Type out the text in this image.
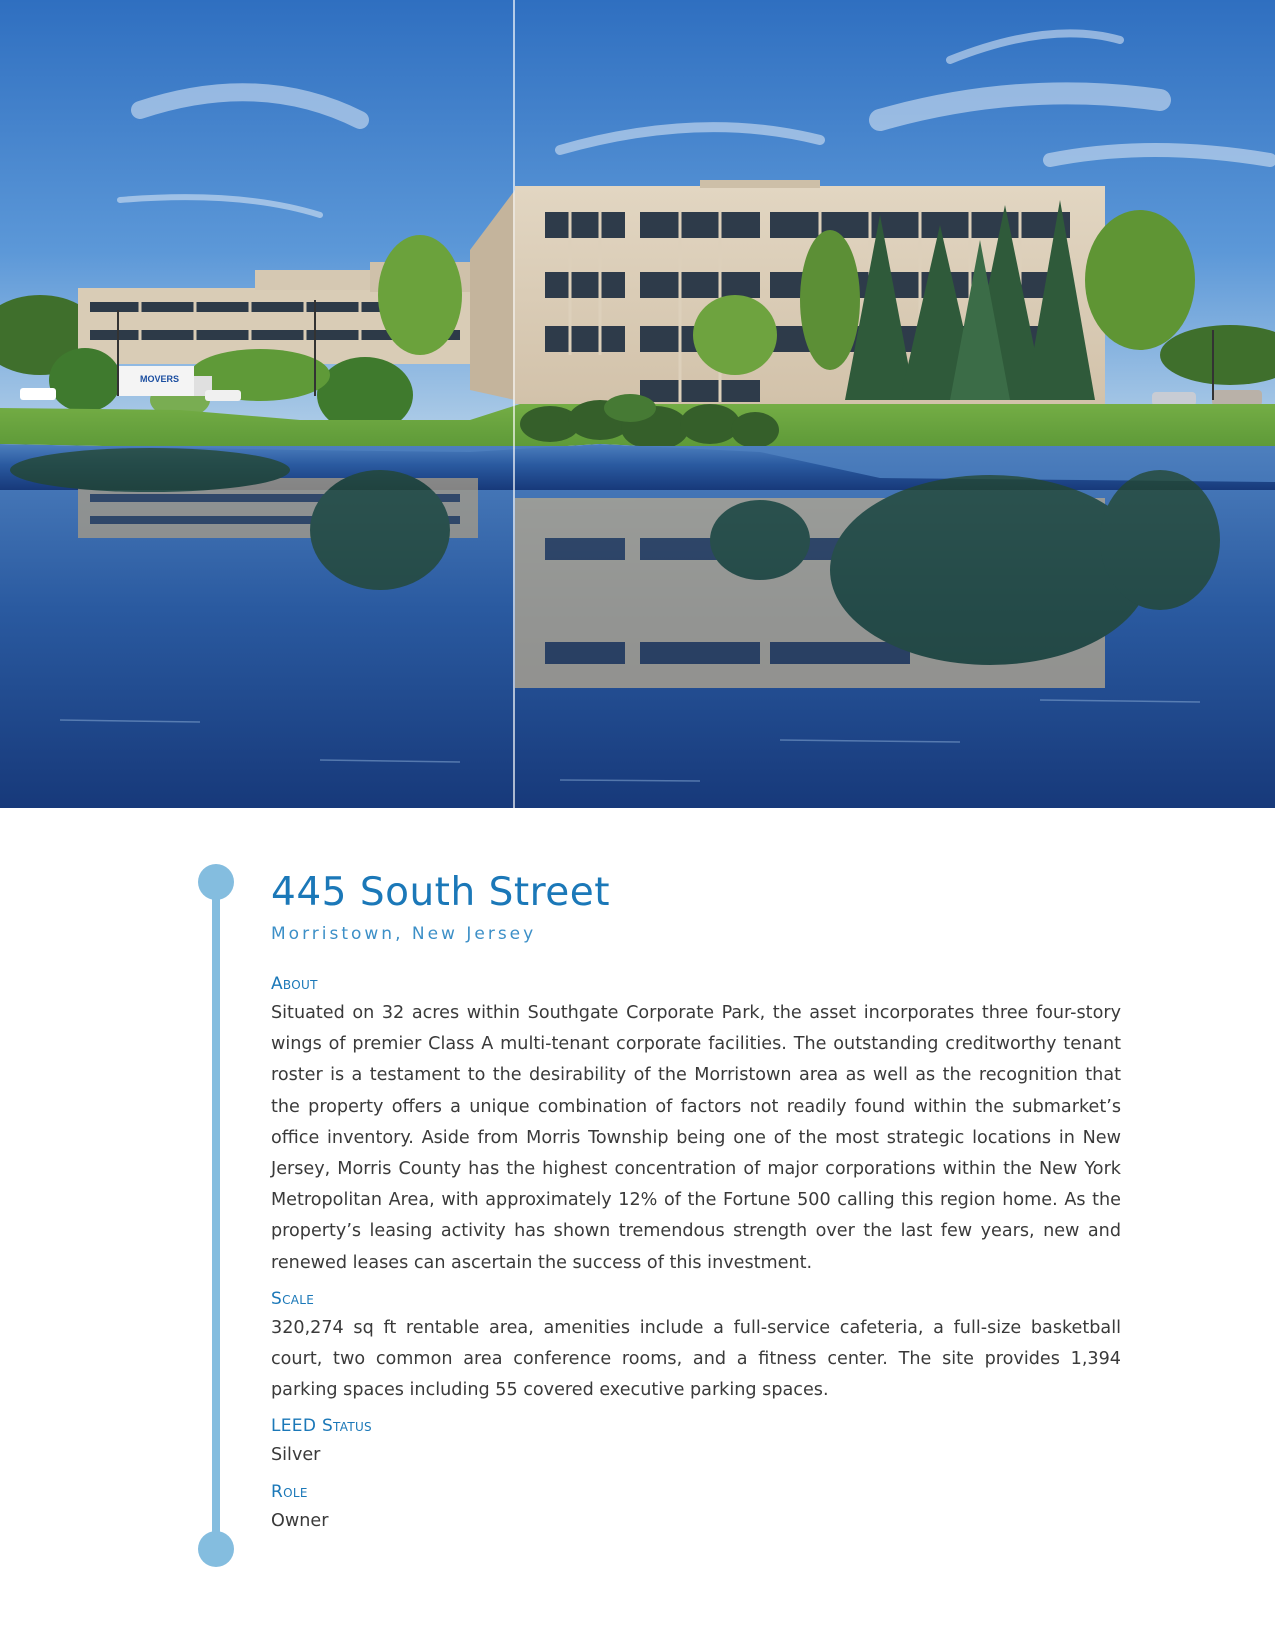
MOVERS
445 South Street
Morristown, New Jersey
About
Situated on 32 acres within Southgate Corporate Park, the asset incorporates three four-story wings of premier Class A multi-tenant corporate facilities. The outstanding creditworthy tenant roster is a testament to the desirability of the Morristown area as well as the recognition that the property offers a unique combination of factors not readily found within the submarket’s office inventory. Aside from Morris Township being one of the most strategic locations in New Jersey, Morris County has the highest concentration of major corporations within the New York Metropolitan Area, with approximately 12% of the Fortune 500 calling this region home. As the property’s leasing activity has shown tremendous strength over the last few years, new and renewed leases can ascertain the success of this investment.
Scale
320,274 sq ft rentable area, amenities include a full-service cafeteria, a full-size basketball court, two common area conference rooms, and a fitness center. The site provides 1,394 parking spaces including 55 covered executive parking spaces.
LEED Status
Silver
Role
Owner
